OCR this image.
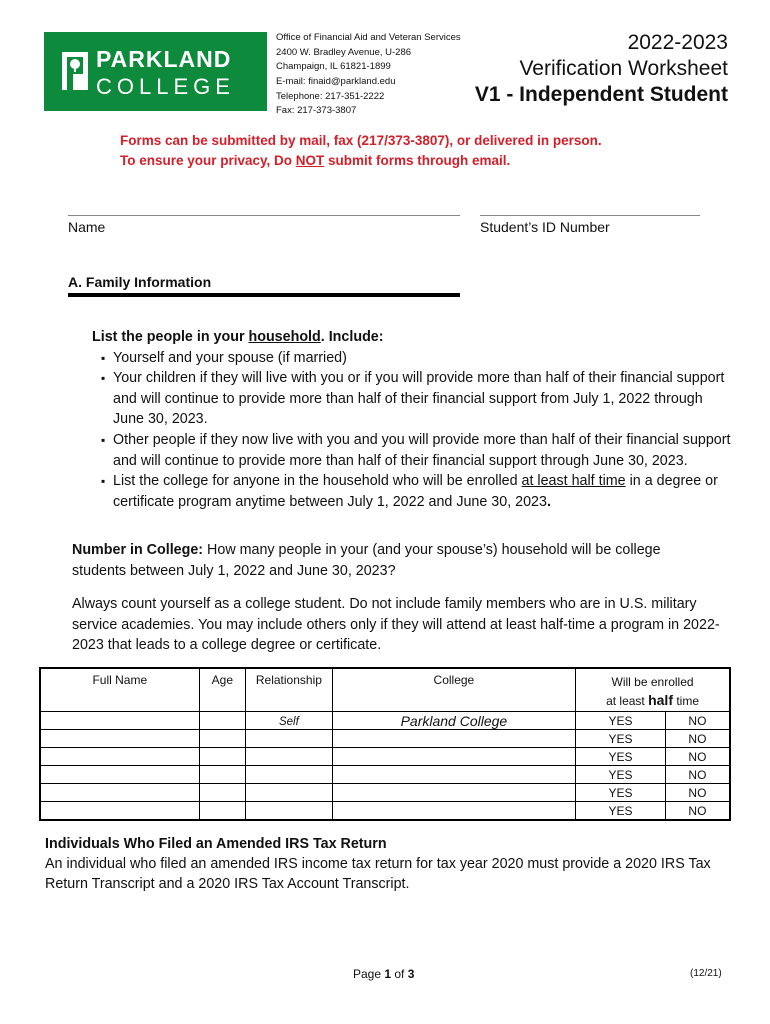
PARKLAND
COLLEGE
Office of Financial Aid and Veteran Services
2400 W. Bradley Avenue, U-286
Champaign, IL 61821-1899
E-mail: finaid@parkland.edu
Telephone: 217-351-2222
Fax: 217-373-3807
2022-2023
Verification Worksheet
V1 - Independent Student
Forms can be submitted by mail, fax (217/373-3807), or delivered in person.
To ensure your privacy, Do NOT submit forms through email.
Name	Student’s ID Number
A. Family Information
List the people in your household. Include:
▪ Yourself and your spouse (if married)
▪ Your children if they will live with you or if you will provide more than half of their financial support and will continue to provide more than half of their financial support from July 1, 2022 through June 30, 2023.
▪ Other people if they now live with you and you will provide more than half of their financial support and will continue to provide more than half of their financial support through June 30, 2023.
▪ List the college for anyone in the household who will be enrolled at least half time in a degree or certificate program anytime between July 1, 2022 and June 30, 2023.
Number in College: How many people in your (and your spouse’s) household will be college students between July 1, 2022 and June 30, 2023?
Always count yourself as a college student. Do not include family members who are in U.S. military service academies. You may include others only if they will attend at least half-time a program in 2022-2023 that leads to a college degree or certificate.
Full Name	Age	Relationship	College	Will be enrolled
at least half time	

		Self	Parkland College	YES	NO
				YES	NO
				YES	NO
				YES	NO
				YES	NO
				YES	NO
Individuals Who Filed an Amended IRS Tax Return
An individual who filed an amended IRS income tax return for tax year 2020 must provide a 2020 IRS Tax Return Transcript and a 2020 IRS Tax Account Transcript.
Page 1 of 3	(12/21)
